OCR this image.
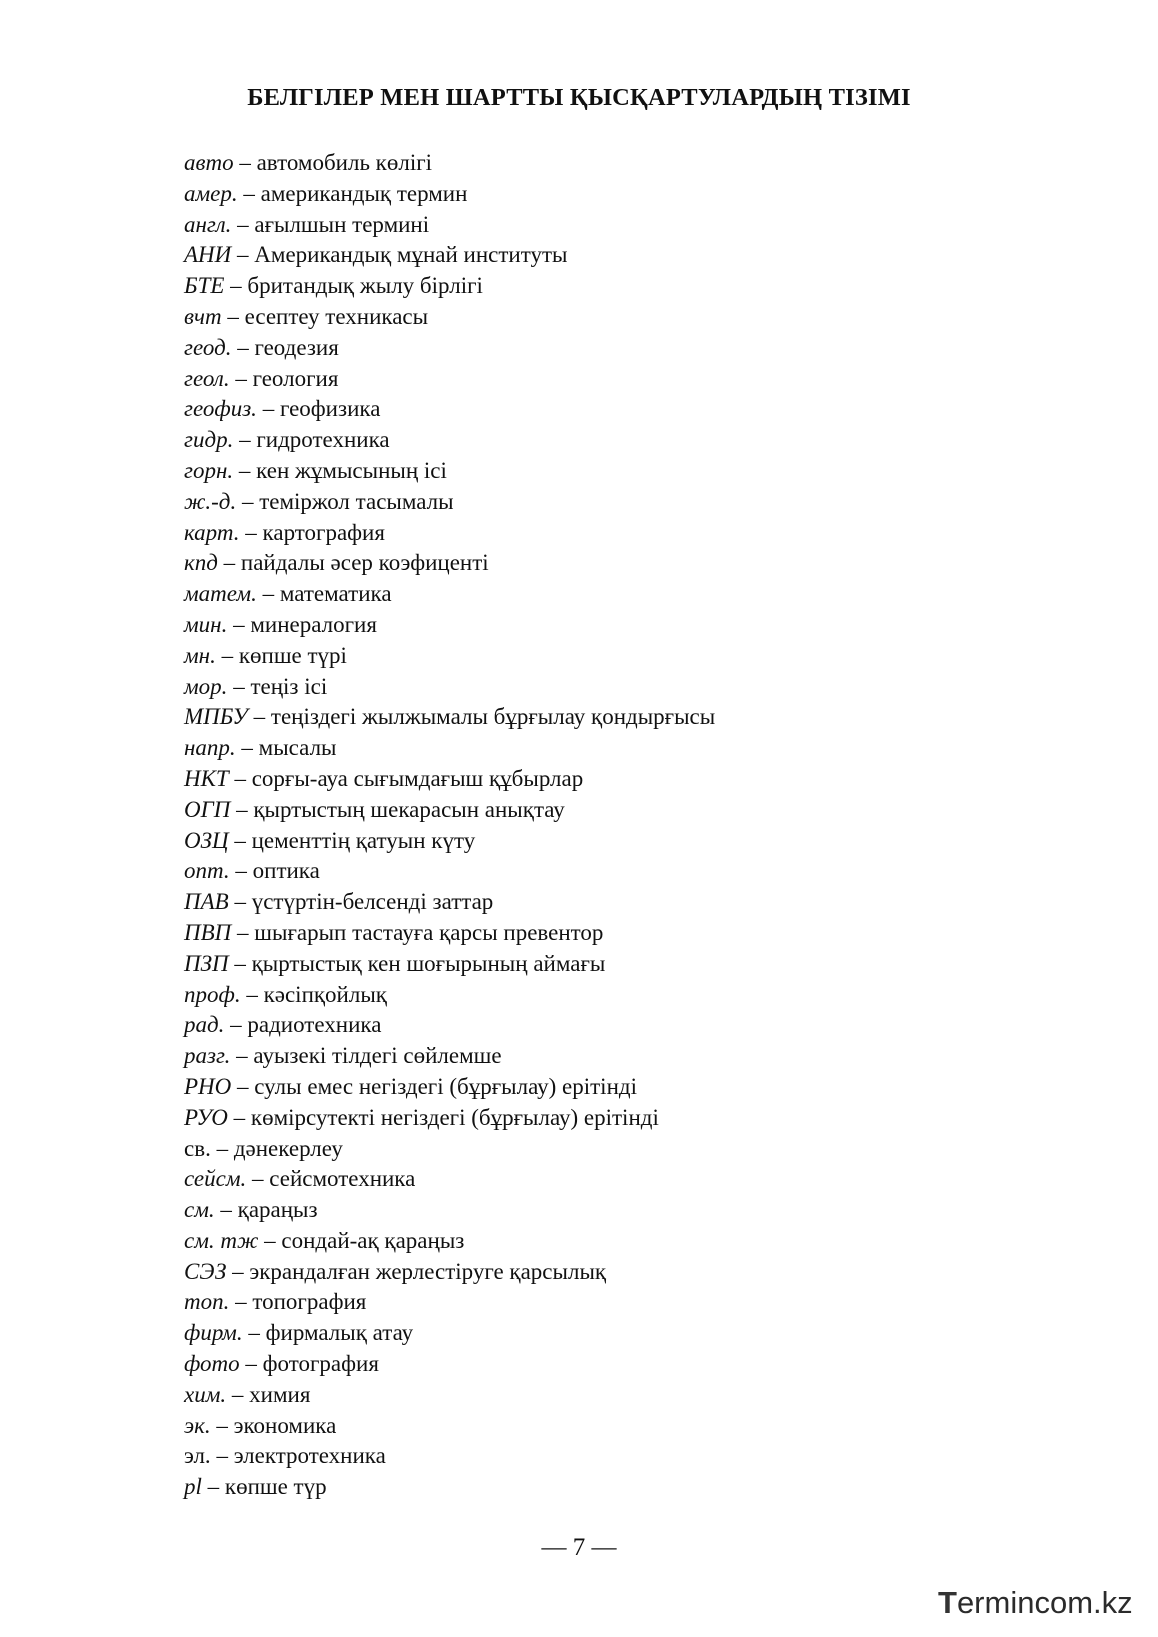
БЕЛГІЛЕР МЕН ШАРТТЫ ҚЫСҚАРТУЛАРДЫҢ ТІЗІМІ
авто – автомобиль көлігі
амер. – американдық термин
англ. – ағылшын термині
АНИ – Американдық мұнай институты
БТЕ – британдық жылу бірлігі
вчт – есептеу техникасы
геод. – геодезия
геол. – геология
геофиз. – геофизика
гидр. – гидротехника
горн. – кен жұмысының ісі
ж.-д. – теміржол тасымалы
карт. – картография
кпд – пайдалы әсер коэфиценті
матем. – математика
мин. – минералогия
мн. – көпше түрі
мор. – теңіз ісі
МПБУ – теңіздегі жылжымалы бұрғылау қондырғысы
напр. – мысалы
НКТ – сорғы-ауа сығымдағыш құбырлар
ОГП – қыртыстың шекарасын анықтау
ОЗЦ – цементтің қатуын күту
опт. – оптика
ПАВ – үстүртін-белсенді заттар
ПВП – шығарып тастауға қарсы превентор
ПЗП – қыртыстық кен шоғырының аймағы
проф. – кәсіпқойлық
рад. – радиотехника
разг. – ауызекі тілдегі сөйлемше
РНО – сулы емес негіздегі (бұрғылау) ерітінді
РУО – көмірсутекті негіздегі (бұрғылау) ерітінді
св. – дәнекерлеу
сейсм. – сейсмотехника
см. – қараңыз
см. тж – сондай-ақ қараңыз
СЭЗ – экрандалған жерлестіруге қарсылық
топ. – топография
фирм. – фирмалық атау
фото – фотография
хим. – химия
эк. – экономика
эл. – электротехника
pl – көпше түр
— 7 —
T ermincom.kz
